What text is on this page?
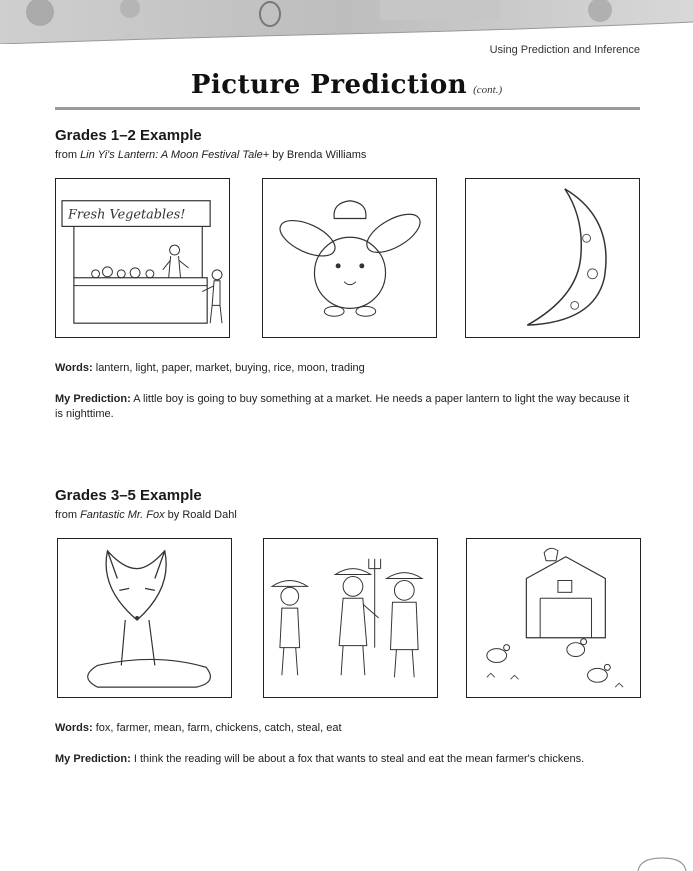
Using Prediction and Inference
Picture Prediction (cont.)
Grades 1–2 Example
from Lin Yi's Lantern: A Moon Festival Tale+ by Brenda Williams
Fresh Vegetables!
Words: lantern, light, paper, market, buying, rice, moon, trading
My Prediction: A little boy is going to buy something at a market. He needs a paper lantern to light the way because it is nighttime.
Grades 3–5 Example
from Fantastic Mr. Fox by Roald Dahl
Words: fox, farmer, mean, farm, chickens, catch, steal, eat
My Prediction: I think the reading will be about a fox that wants to steal and eat the mean farmer's chickens.
